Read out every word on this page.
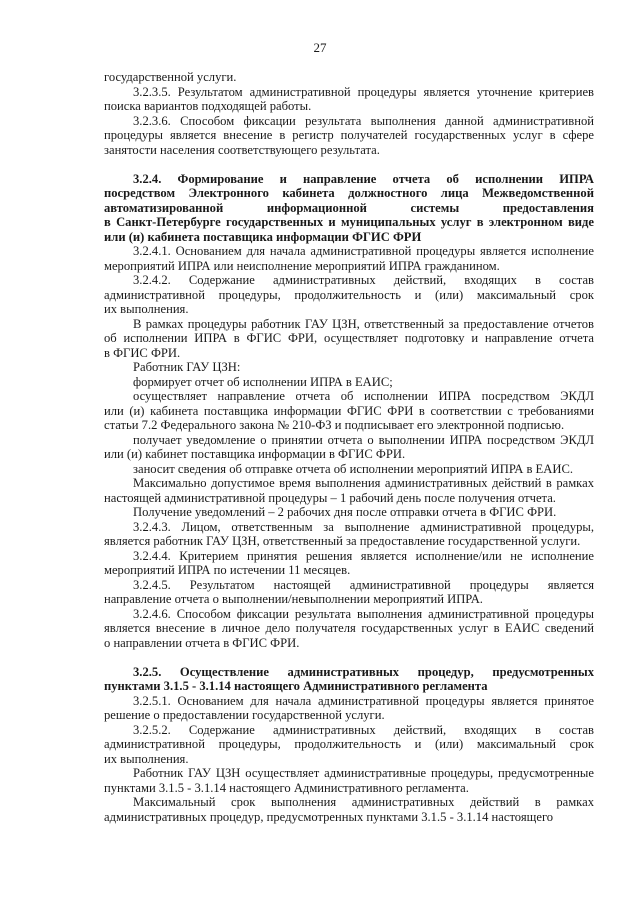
27
государственной услуги.
3.2.3.5. Результатом административной процедуры является уточнение критериев
поиска вариантов подходящей работы.
3.2.3.6. Способом фиксации результата выполнения данной административной
процедуры является внесение в регистр получателей государственных услуг в сфере
занятости населения соответствующего результата.
3.2.4. Формирование и направление отчета об исполнении ИПРА
посредством Электронного кабинета должностного лица Межведомственной
автоматизированной информационной системы предоставления
в Санкт-Петербурге государственных и муниципальных услуг в электронном виде
или (и) кабинета поставщика информации ФГИС ФРИ
3.2.4.1. Основанием для начала административной процедуры является исполнение
мероприятий ИПРА или неисполнение мероприятий ИПРА гражданином.
3.2.4.2. Содержание административных действий, входящих в состав
административной процедуры, продолжительность и (или) максимальный срок
их выполнения.
В рамках процедуры работник ГАУ ЦЗН, ответственный за предоставление отчетов
об исполнении ИПРА в ФГИС ФРИ, осуществляет подготовку и направление отчета
в ФГИС ФРИ.
Работник ГАУ ЦЗН:
формирует отчет об исполнении ИПРА в ЕАИС;
осуществляет направление отчета об исполнении ИПРА посредством ЭКДЛ
или (и) кабинета поставщика информации ФГИС ФРИ в соответствии с требованиями
статьи 7.2 Федерального закона № 210-ФЗ и подписывает его электронной подписью.
получает уведомление о принятии отчета о выполнении ИПРА посредством ЭКДЛ
или (и) кабинет поставщика информации в ФГИС ФРИ.
заносит сведения об отправке отчета об исполнении мероприятий ИПРА в ЕАИС.
Максимально допустимое время выполнения административных действий в рамках
настоящей административной процедуры – 1 рабочий день после получения отчета.
Получение уведомлений – 2 рабочих дня после отправки отчета в ФГИС ФРИ.
3.2.4.3. Лицом, ответственным за выполнение административной процедуры,
является работник ГАУ ЦЗН, ответственный за предоставление государственной услуги.
3.2.4.4. Критерием принятия решения является исполнение/или не исполнение
мероприятий ИПРА по истечении 11 месяцев.
3.2.4.5. Результатом настоящей административной процедуры является
направление отчета о выполнении/невыполнении мероприятий ИПРА.
3.2.4.6. Способом фиксации результата выполнения административной процедуры
является внесение в личное дело получателя государственных услуг в ЕАИС сведений
о направлении отчета в ФГИС ФРИ.
3.2.5. Осуществление административных процедур, предусмотренных
пунктами 3.1.5 - 3.1.14 настоящего Административного регламента
3.2.5.1. Основанием для начала административной процедуры является принятое
решение о предоставлении государственной услуги.
3.2.5.2. Содержание административных действий, входящих в состав
административной процедуры, продолжительность и (или) максимальный срок
их выполнения.
Работник ГАУ ЦЗН осуществляет административные процедуры, предусмотренные
пунктами 3.1.5 - 3.1.14 настоящего Административного регламента.
Максимальный срок выполнения административных действий в рамках
административных процедур, предусмотренных пунктами 3.1.5 - 3.1.14 настоящего
